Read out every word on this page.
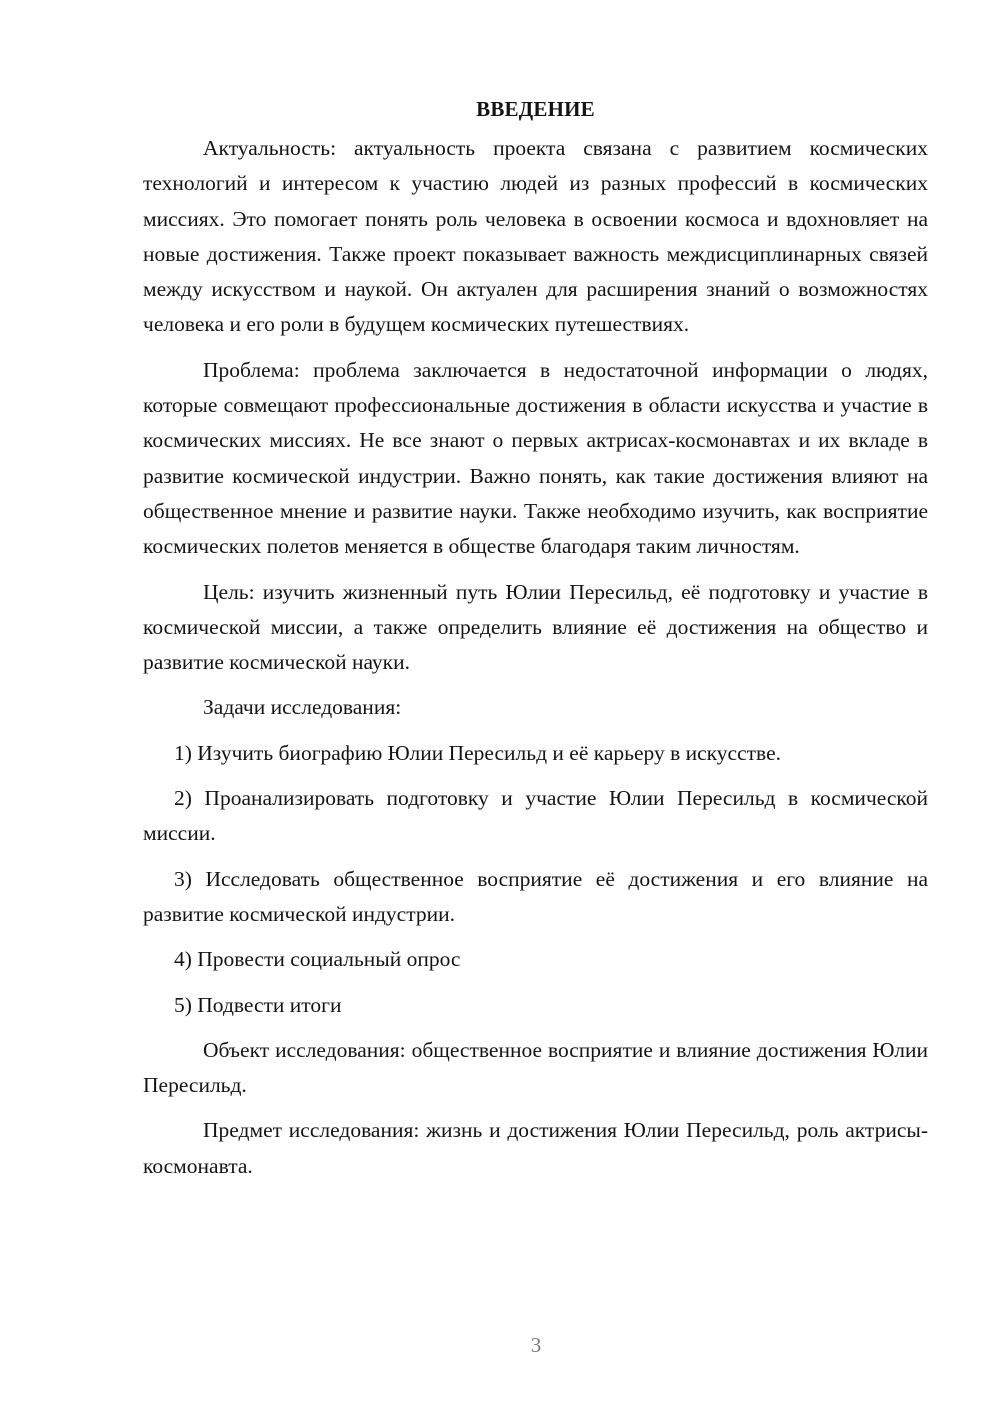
ВВЕДЕНИЕ

Актуальность: актуальность проекта связана с развитием космических технологий и интересом к участию людей из разных профессий в космических миссиях. Это помогает понять роль человека в освоении космоса и вдохновляет на новые достижения. Также проект показывает важность междисциплинарных связей между искусством и наукой. Он актуален для расширения знаний о возможностях человека и его роли в будущем космических путешествиях.

Проблема: проблема заключается в недостаточной информации о людях, которые совмещают профессиональные достижения в области искусства и участие в космических миссиях. Не все знают о первых актрисах-космонавтах и их вкладе в развитие космической индустрии. Важно понять, как такие достижения влияют на общественное мнение и развитие науки. Также необходимо изучить, как восприятие космических полетов меняется в обществе благодаря таким личностям.

Цель: изучить жизненный путь Юлии Пересильд, её подготовку и участие в космической миссии, а также определить влияние её достижения на общество и развитие космической науки.

Задачи исследования:

1) Изучить биографию Юлии Пересильд и её карьеру в искусстве.

2) Проанализировать подготовку и участие Юлии Пересильд в космической миссии.

3) Исследовать общественное восприятие её достижения и его влияние на развитие космической индустрии.

4) Провести социальный опрос

5) Подвести итоги

Объект исследования: общественное восприятие и влияние достижения Юлии Пересильд.

Предмет исследования: жизнь и достижения Юлии Пересильд, роль актрисы-космонавта.

3
